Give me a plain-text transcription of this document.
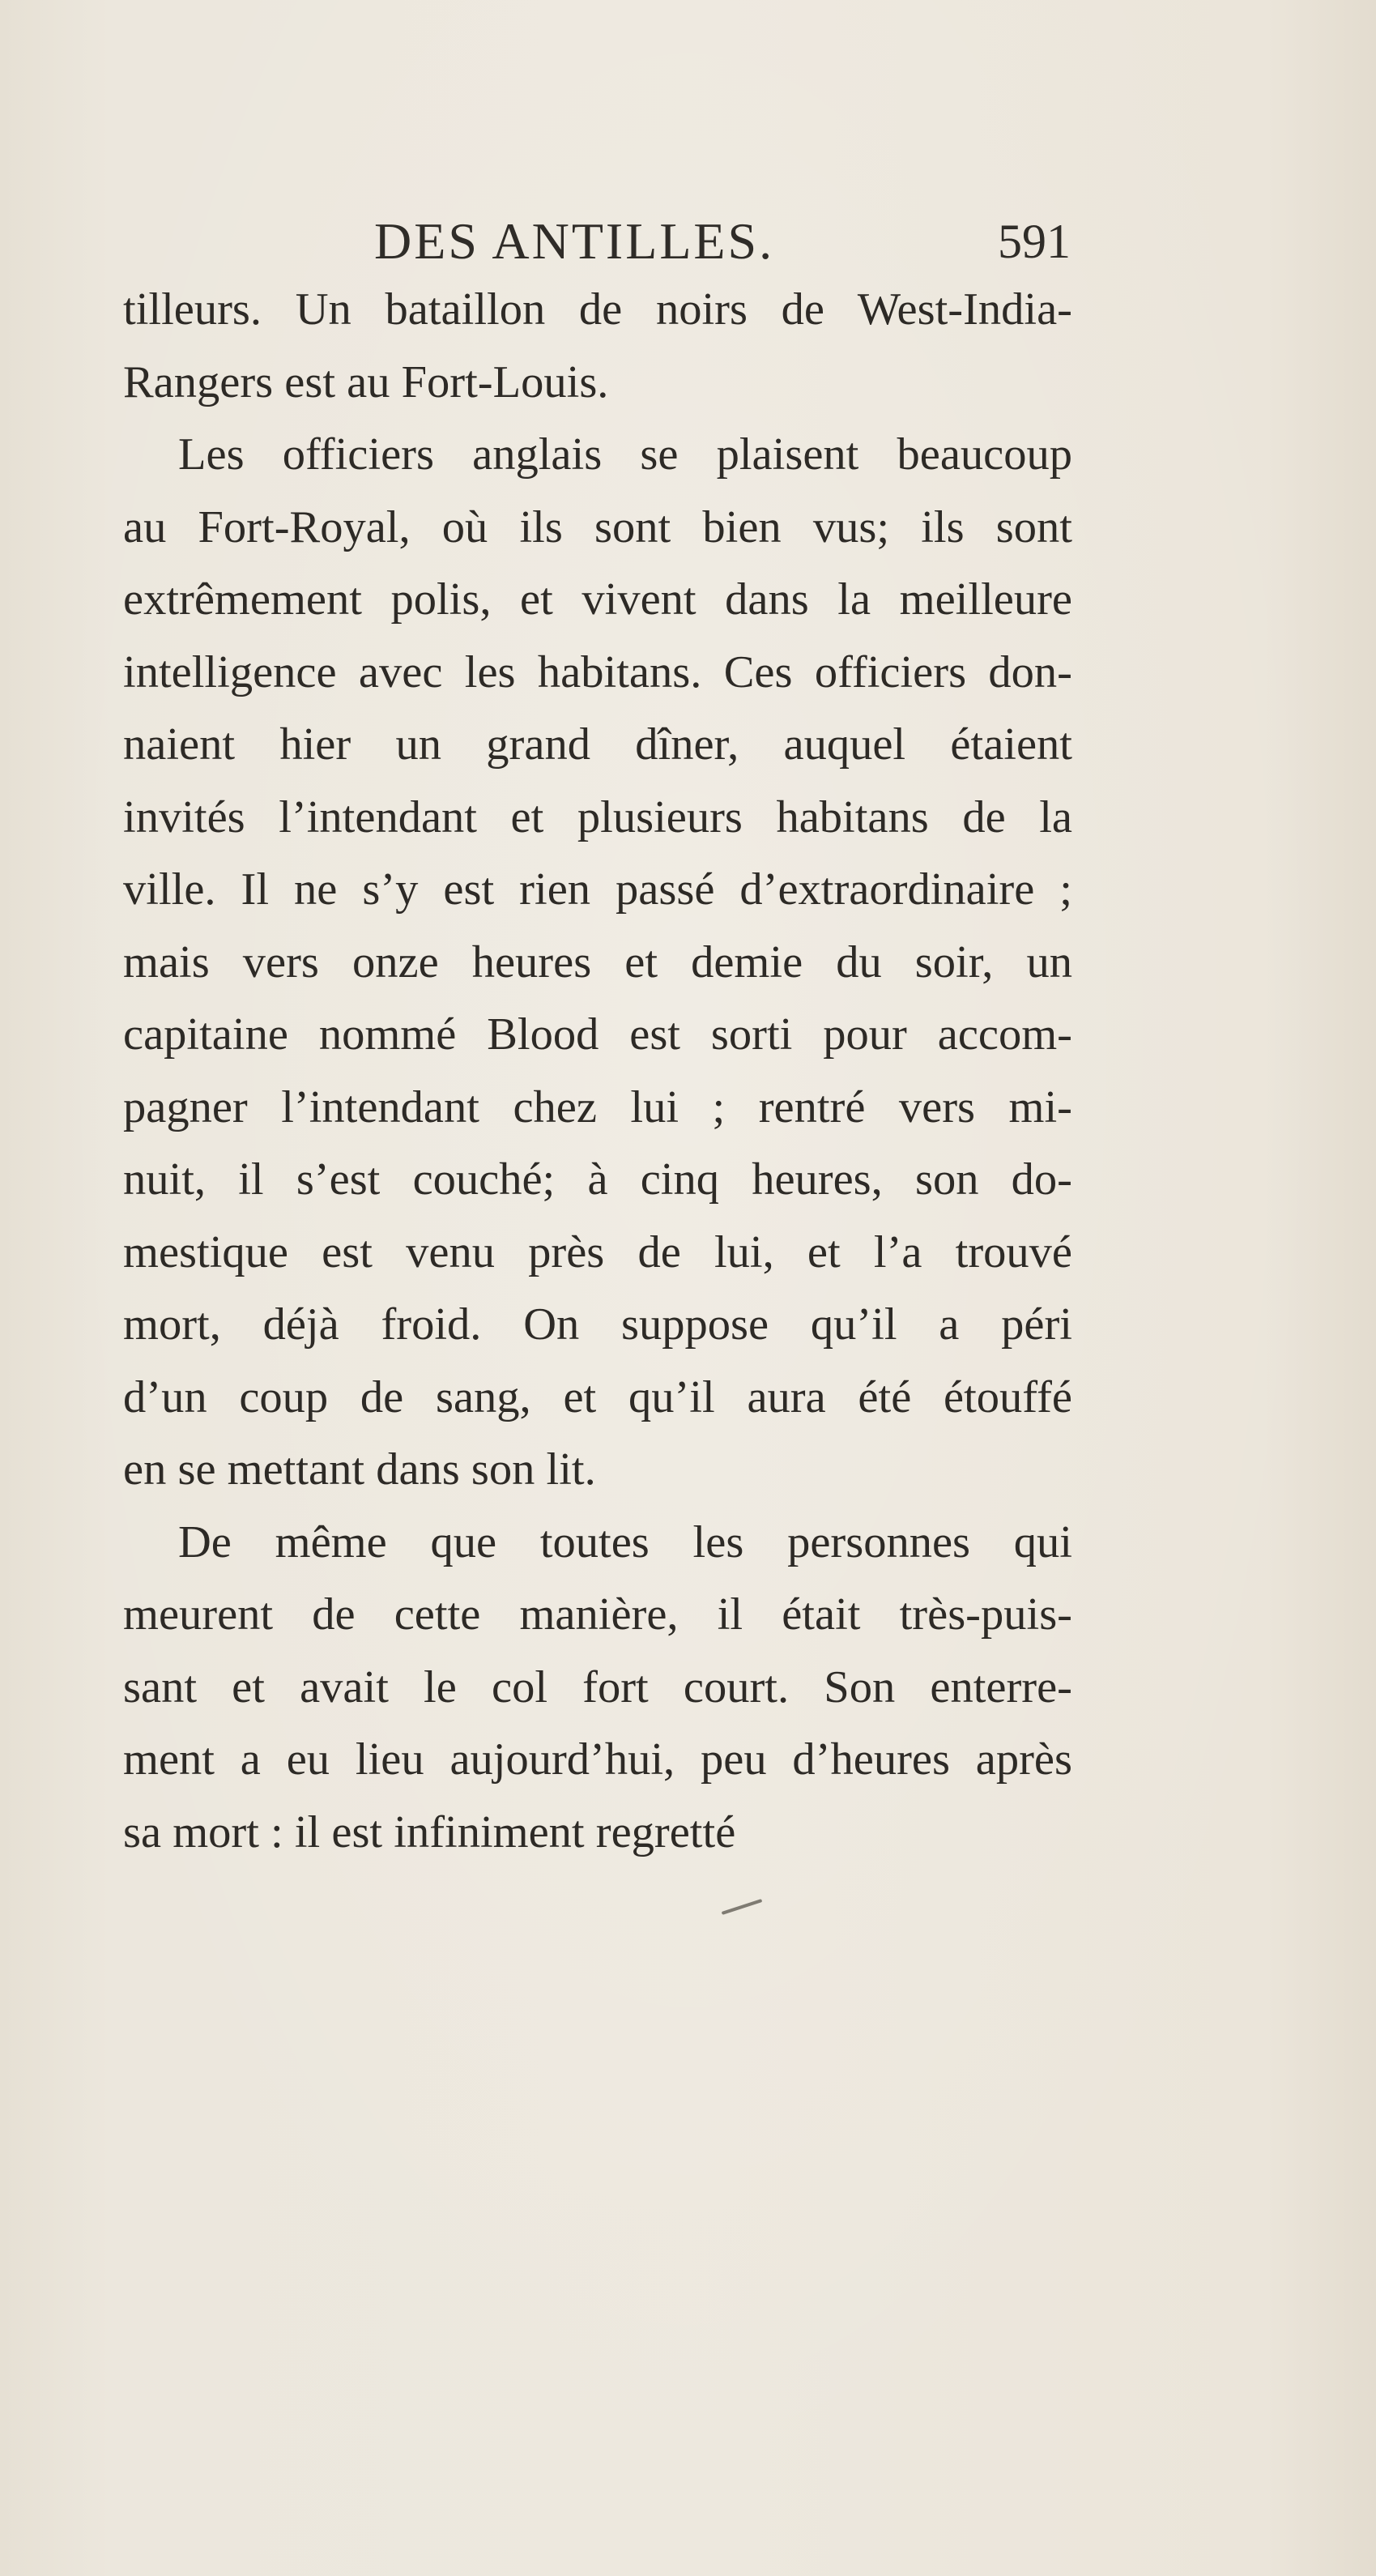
DES ANTILLES.	591
tilleurs. Un bataillon de noirs de West-India-
Rangers est au Fort-Louis.
Les officiers anglais se plaisent beaucoup
au Fort-Royal, où ils sont bien vus; ils sont
extrêmement polis, et vivent dans la meilleure
intelligence avec les habitans. Ces officiers don-
naient hier un grand dîner, auquel étaient
invités l’intendant et plusieurs habitans de la
ville. Il ne s’y est rien passé d’extraordinaire ;
mais vers onze heures et demie du soir, un
capitaine nommé Blood est sorti pour accom-
pagner l’intendant chez lui ; rentré vers mi-
nuit, il s’est couché; à cinq heures, son do-
mestique est venu près de lui, et l’a trouvé
mort, déjà froid. On suppose qu’il a péri
d’un coup de sang, et qu’il aura été étouffé
en se mettant dans son lit.
De même que toutes les personnes qui
meurent de cette manière, il était très-puis-
sant et avait le col fort court. Son enterre-
ment a eu lieu aujourd’hui, peu d’heures après
sa mort : il est infiniment regretté
